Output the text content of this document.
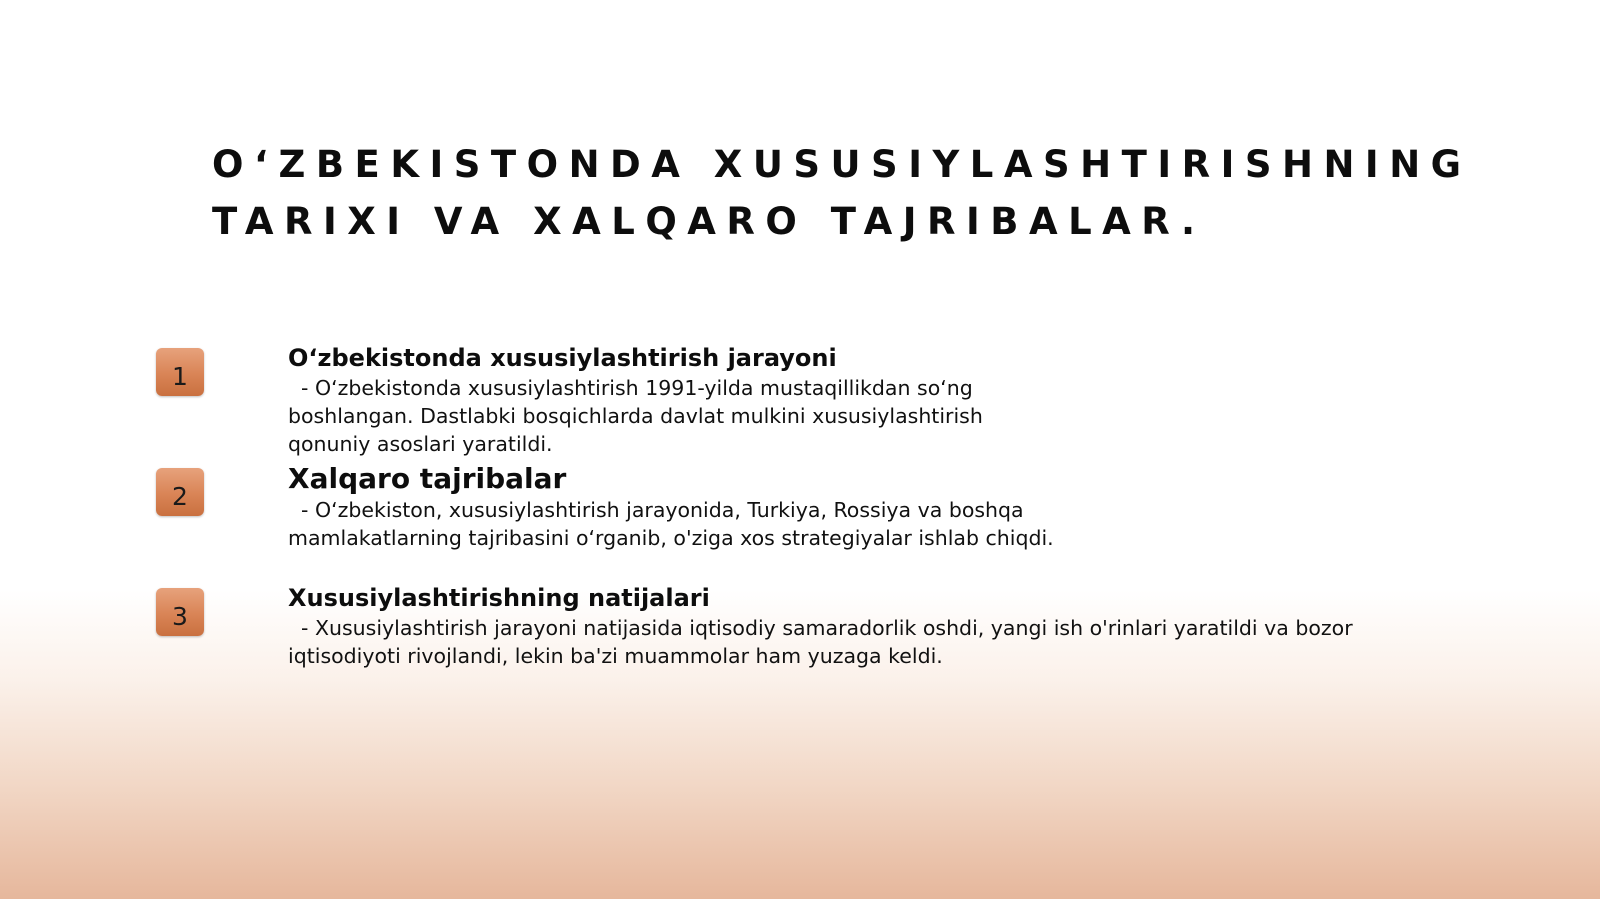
O‘ZBEKISTONDA XUSUSIYLASHTIRISHNING TARIXI VA XALQARO TAJRIBALAR.
1
O‘zbekistonda xususiylashtirish jarayoni

- O‘zbekistonda xususiylashtirish 1991-yilda mustaqillikdan so‘ng
boshlangan. Dastlabki bosqichlarda davlat mulkini xususiylashtirish
qonuniy asoslari yaratildi.

2
Xalqaro tajribalar

- O‘zbekiston, xususiylashtirish jarayonida, Turkiya, Rossiya va boshqa
mamlakatlarning tajribasini o‘rganib, o'ziga xos strategiyalar ishlab chiqdi.

3
Xususiylashtirishning natijalari

- Xususiylashtirish jarayoni natijasida iqtisodiy samaradorlik oshdi, yangi ish o'rinlari yaratildi va bozor
iqtisodiyoti rivojlandi, lekin ba'zi muammolar ham yuzaga keldi.
